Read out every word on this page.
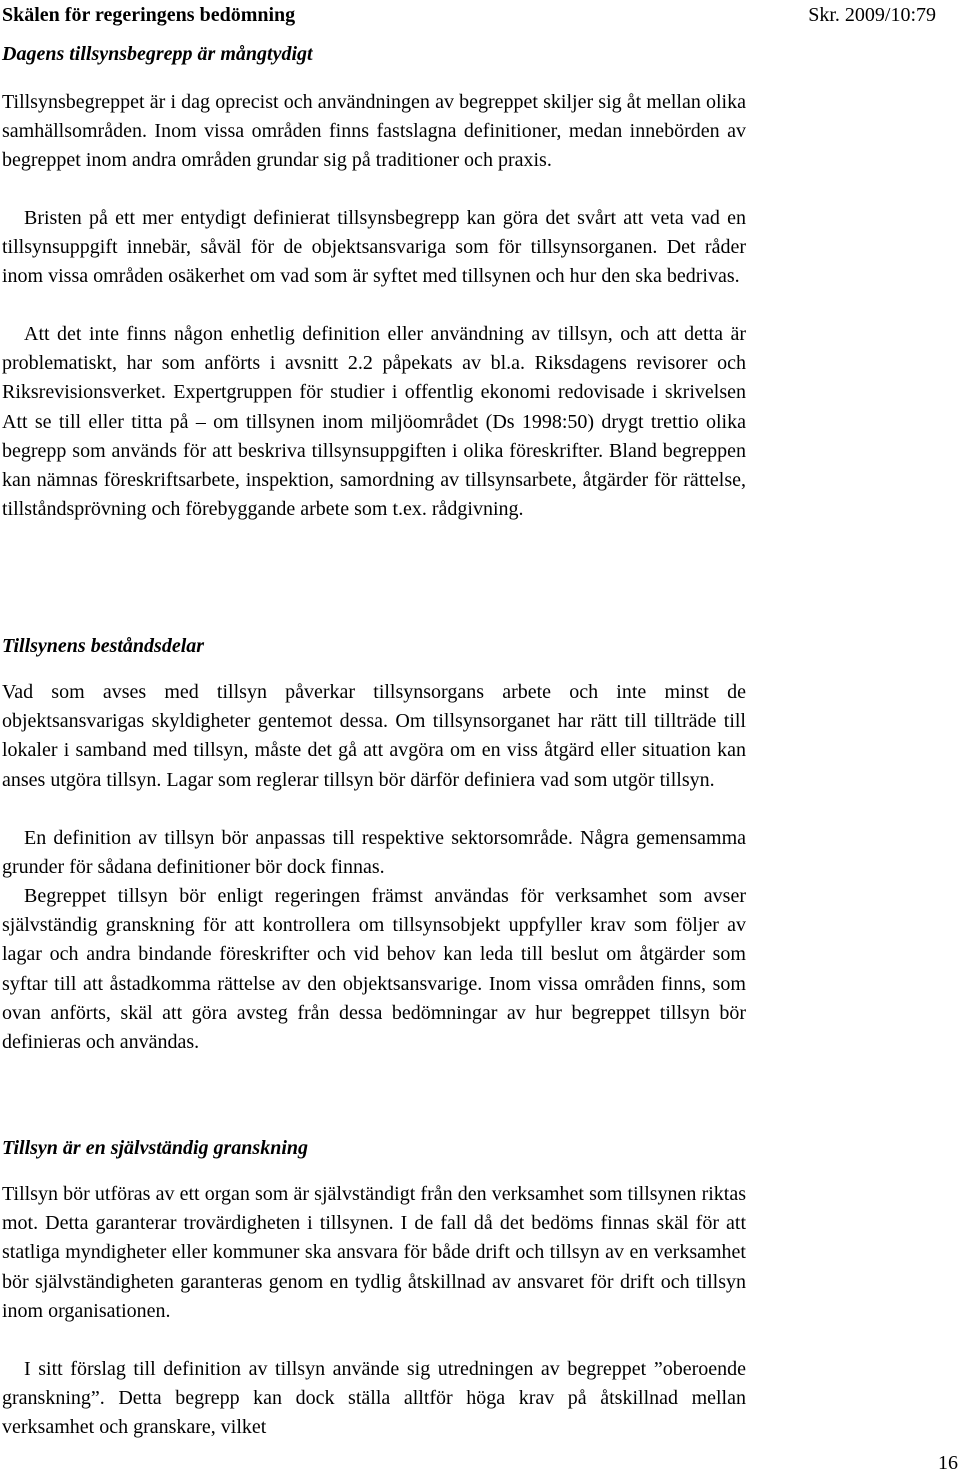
Skälen för regeringens bedömning	Skr. 2009/10:79
Dagens tillsynsbegrepp är mångtydigt

Tillsynsbegreppet är i dag oprecist och användningen av begreppet skiljer sig åt mellan olika samhällsområden. Inom vissa områden finns fastslagna definitioner, medan innebörden av begreppet inom andra områden grundar sig på traditioner och praxis.

Bristen på ett mer entydigt definierat tillsynsbegrepp kan göra det svårt att veta vad en tillsynsuppgift innebär, såväl för de objektsansvariga som för tillsynsorganen. Det råder inom vissa områden osäkerhet om vad som är syftet med tillsynen och hur den ska bedrivas.

Att det inte finns någon enhetlig definition eller användning av tillsyn, och att detta är problematiskt, har som anförts i avsnitt 2.2 påpekats av bl.a. Riksdagens revisorer och Riksrevisionsverket. Expertgruppen för studier i offentlig ekonomi redovisade i skrivelsen Att se till eller titta på – om tillsynen inom miljöområdet (Ds 1998:50) drygt trettio olika begrepp som används för att beskriva tillsynsuppgiften i olika föreskrifter. Bland begreppen kan nämnas föreskriftsarbete, inspektion, samordning av tillsynsarbete, åtgärder för rättelse, tillståndsprövning och förebyggande arbete som t.ex. rådgivning.

Tillsynens beståndsdelar

Vad som avses med tillsyn påverkar tillsynsorgans arbete och inte minst de objektsansvarigas skyldigheter gentemot dessa. Om tillsynsorganet har rätt till tillträde till lokaler i samband med tillsyn, måste det gå att avgöra om en viss åtgärd eller situation kan anses utgöra tillsyn. Lagar som reglerar tillsyn bör därför definiera vad som utgör tillsyn.

En definition av tillsyn bör anpassas till respektive sektorsområde. Några gemensamma grunder för sådana definitioner bör dock finnas.

Begreppet tillsyn bör enligt regeringen främst användas för verksamhet som avser självständig granskning för att kontrollera om tillsynsobjekt uppfyller krav som följer av lagar och andra bindande föreskrifter och vid behov kan leda till beslut om åtgärder som syftar till att åstadkomma rättelse av den objektsansvarige. Inom vissa områden finns, som ovan anförts, skäl att göra avsteg från dessa bedömningar av hur begreppet tillsyn bör definieras och användas.

Tillsyn är en självständig granskning

Tillsyn bör utföras av ett organ som är självständigt från den verksamhet som tillsynen riktas mot. Detta garanterar trovärdigheten i tillsynen. I de fall då det bedöms finnas skäl för att statliga myndigheter eller kommuner ska ansvara för både drift och tillsyn av en verksamhet bör självständigheten garanteras genom en tydlig åtskillnad av ansvaret för drift och tillsyn inom organisationen.

I sitt förslag till definition av tillsyn använde sig utredningen av begreppet ”oberoende granskning”. Detta begrepp kan dock ställa alltför höga krav på åtskillnad mellan verksamhet och granskare, vilket

16
